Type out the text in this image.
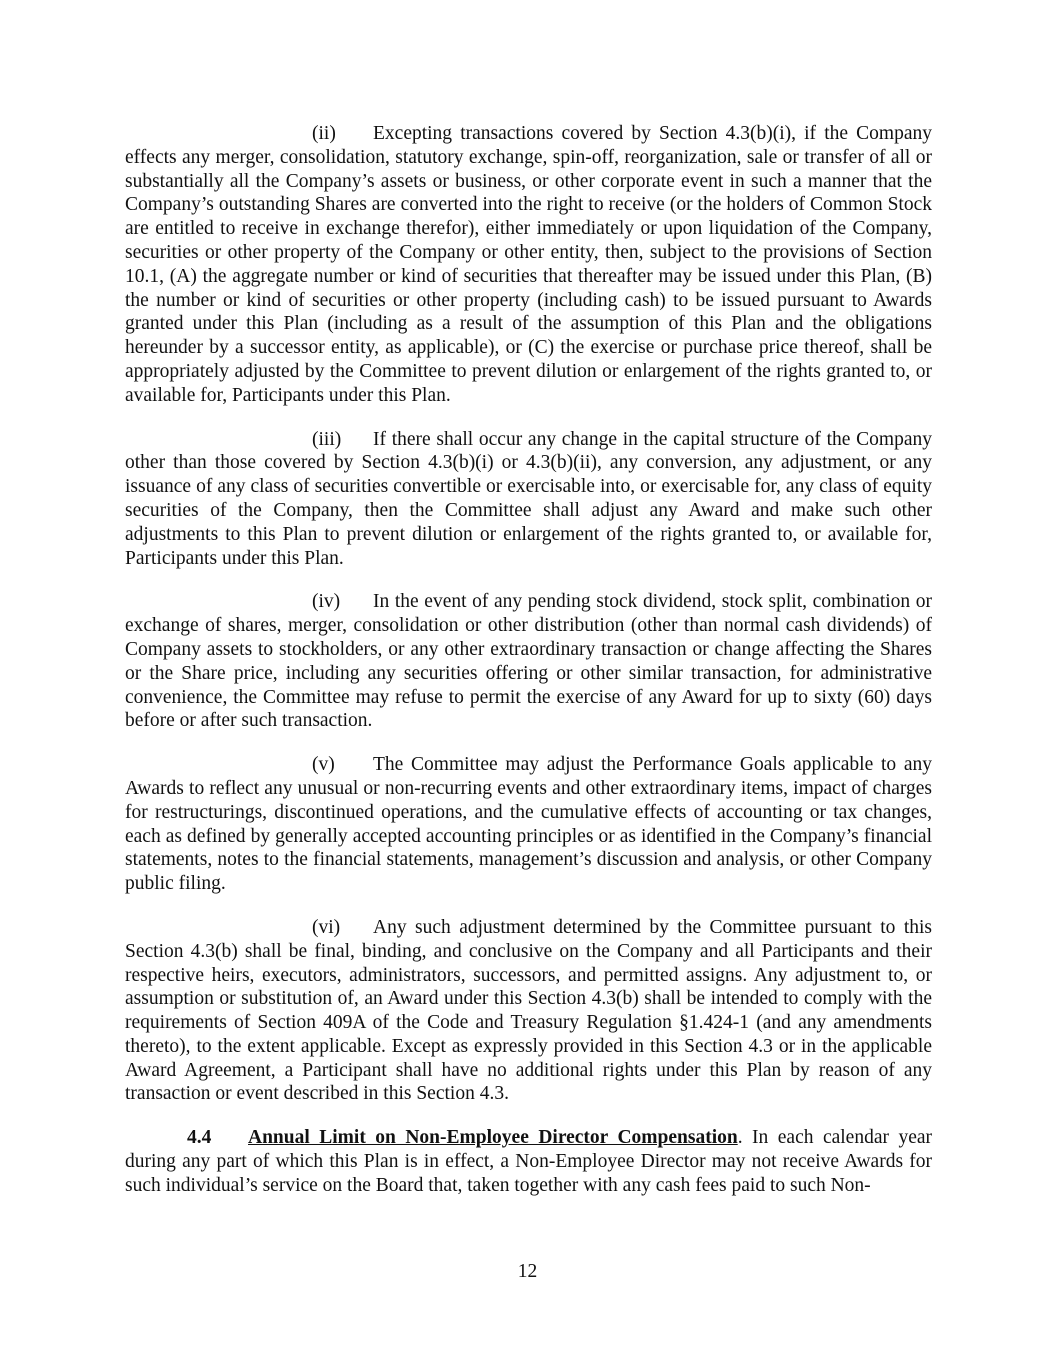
(ii) Excepting transactions covered by Section 4.3(b)(i), if the Company effects any merger, consolidation, statutory exchange, spin-off, reorganization, sale or transfer of all or substantially all the Company’s assets or business, or other corporate event in such a manner that the Company’s outstanding Shares are converted into the right to receive (or the holders of Common Stock are entitled to receive in exchange therefor), either immediately or upon liquidation of the Company, securities or other property of the Company or other entity, then, subject to the provisions of Section 10.1, (A) the aggregate number or kind of securities that thereafter may be issued under this Plan, (B) the number or kind of securities or other property (including cash) to be issued pursuant to Awards granted under this Plan (including as a result of the assumption of this Plan and the obligations hereunder by a successor entity, as applicable), or (C) the exercise or purchase price thereof, shall be appropriately adjusted by the Committee to prevent dilution or enlargement of the rights granted to, or available for, Participants under this Plan.

(iii) If there shall occur any change in the capital structure of the Company other than those covered by Section 4.3(b)(i) or 4.3(b)(ii), any conversion, any adjustment, or any issuance of any class of securities convertible or exercisable into, or exercisable for, any class of equity securities of the Company, then the Committee shall adjust any Award and make such other adjustments to this Plan to prevent dilution or enlargement of the rights granted to, or available for, Participants under this Plan.

(iv) In the event of any pending stock dividend, stock split, combination or exchange of shares, merger, consolidation or other distribution (other than normal cash dividends) of Company assets to stockholders, or any other extraordinary transaction or change affecting the Shares or the Share price, including any securities offering or other similar transaction, for administrative convenience, the Committee may refuse to permit the exercise of any Award for up to sixty (60) days before or after such transaction.

(v) The Committee may adjust the Performance Goals applicable to any Awards to reflect any unusual or non-recurring events and other extraordinary items, impact of charges for restructurings, discontinued operations, and the cumulative effects of accounting or tax changes, each as defined by generally accepted accounting principles or as identified in the Company’s financial statements, notes to the financial statements, management’s discussion and analysis, or other Company public filing.

(vi) Any such adjustment determined by the Committee pursuant to this Section 4.3(b) shall be final, binding, and conclusive on the Company and all Participants and their respective heirs, executors, administrators, successors, and permitted assigns. Any adjustment to, or assumption or substitution of, an Award under this Section 4.3(b) shall be intended to comply with the requirements of Section 409A of the Code and Treasury Regulation §1.424-1 (and any amendments thereto), to the extent applicable. Except as expressly provided in this Section 4.3 or in the applicable Award Agreement, a Participant shall have no additional rights under this Plan by reason of any transaction or event described in this Section 4.3.

4.4 Annual Limit on Non-Employee Director Compensation. In each calendar year during any part of which this Plan is in effect, a Non-Employee Director may not receive Awards for such individual’s service on the Board that, taken together with any cash fees paid to such Non-

12
